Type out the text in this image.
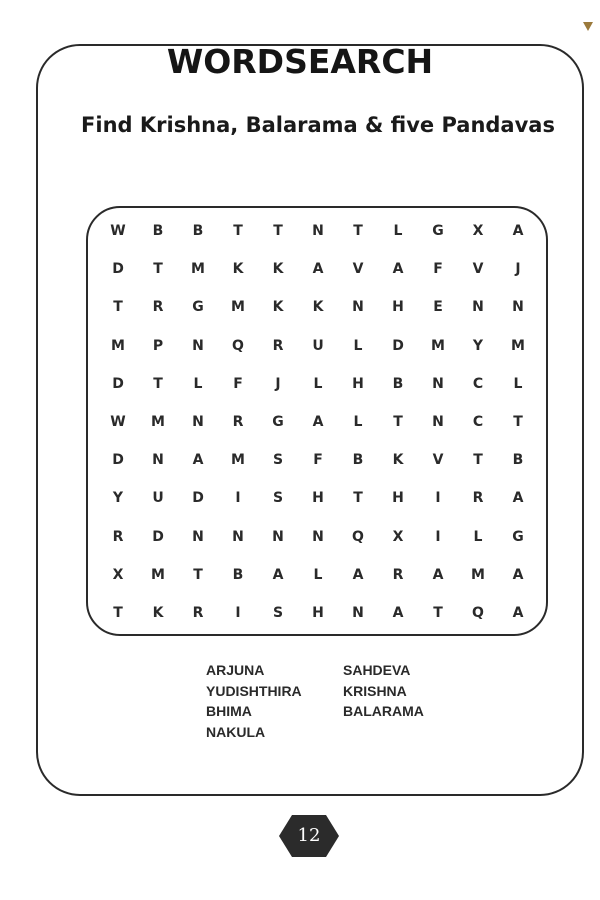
WORDSEARCH
Find Krishna, Balarama & five Pandavas
W	B	B	T	T	N	T	L	G	X	A
D	T	M	K	K	A	V	A	F	V	J
T	R	G	M	K	K	N	H	E	N	N
M	P	N	Q	R	U	L	D	M	Y	M
D	T	L	F	J	L	H	B	N	C	L
W	M	N	R	G	A	L	T	N	C	T
D	N	A	M	S	F	B	K	V	T	B
Y	U	D	I	S	H	T	H	I	R	A
R	D	N	N	N	N	Q	X	I	L	G
X	M	T	B	A	L	A	R	A	M	A
T	K	R	I	S	H	N	A	T	Q	A
ARJUNA
YUDISHTHIRA
BHIMA
NAKULA
SAHDEVA
KRISHNA
BALARAMA
12
